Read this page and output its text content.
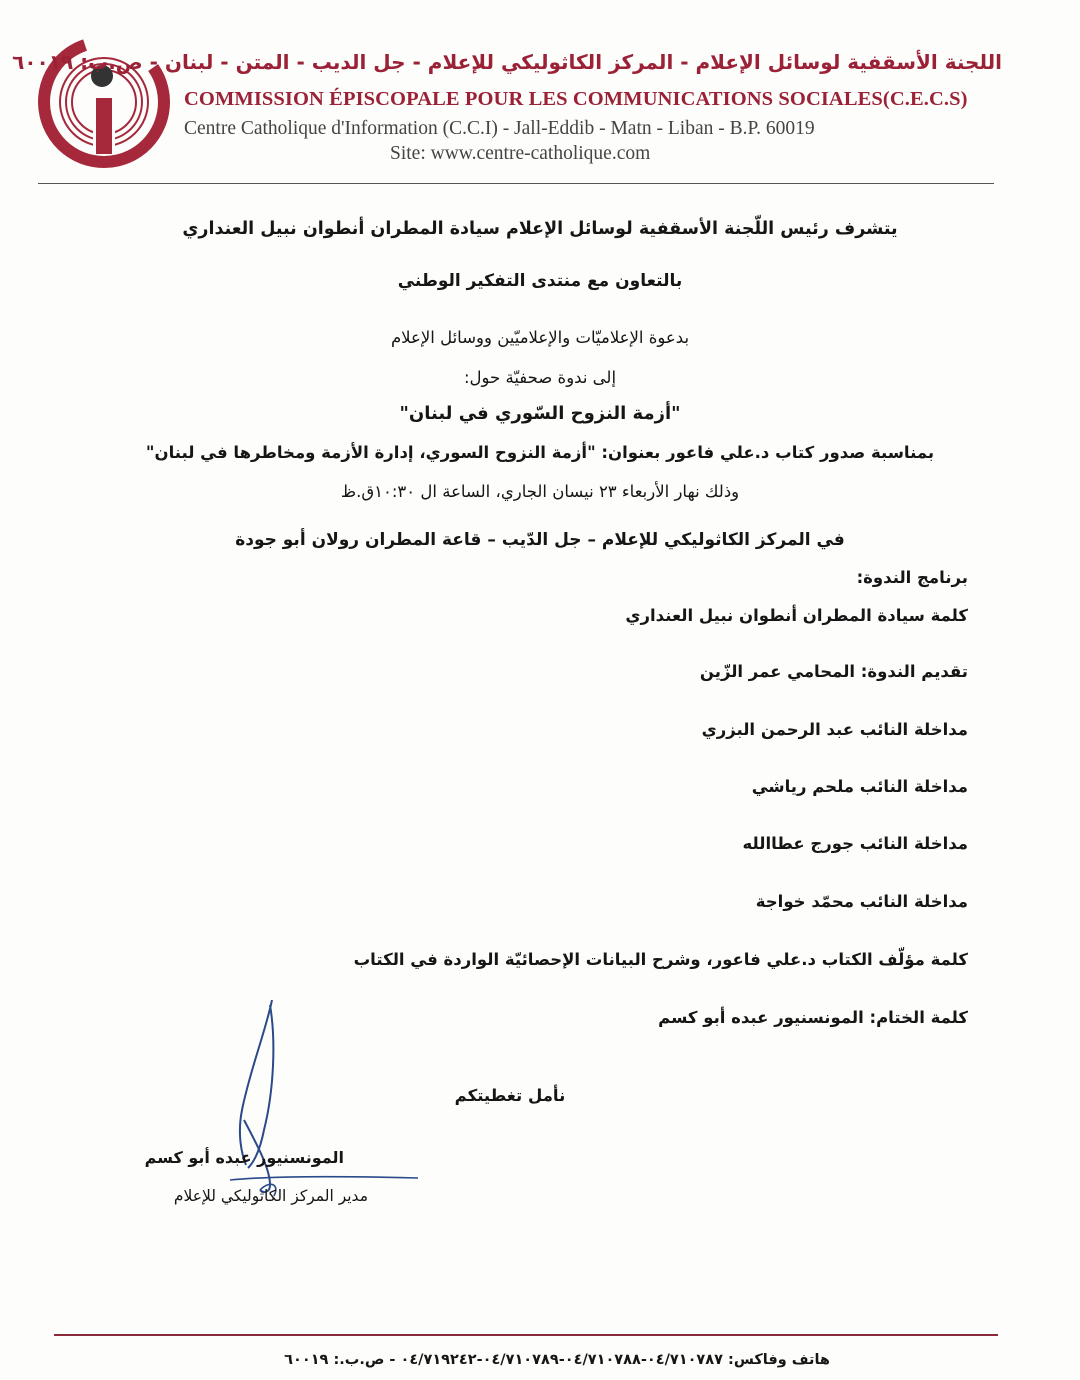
اللجنة الأسقفية لوسائل الإعلام - المركز الكاثوليكي للإعلام - جل الديب - المتن - لبنان - ص.ب: ٦٠٠١٩
COMMISSION ÉPISCOPALE POUR LES COMMUNICATIONS SOCIALES(C.E.C.S)
Centre Catholique d'Information (C.C.I) - Jall-Eddib - Matn - Liban - B.P. 60019
Site: www.centre-catholique.com
يتشرف رئيس اللّجنة الأسقفية لوسائل الإعلام سيادة المطران أنطوان نبيل العنداري
بالتعاون مع منتدى التفكير الوطني
بدعوة الإعلاميّات والإعلاميّين ووسائل الإعلام
إلى ندوة صحفيّة حول:
"أزمة النزوح السّوري في لبنان"
بمناسبة صدور كتاب د.علي فاعور بعنوان: "أزمة النزوح السوري، إدارة الأزمة ومخاطرها في لبنان"
وذلك نهار الأربعاء ٢٣ نيسان الجاري، الساعة ال ١٠:٣٠ق.ظ
في المركز الكاثوليكي للإعلام – جل الدّيب – قاعة المطران رولان أبو جودة
برنامج الندوة:
كلمة سيادة المطران أنطوان نبيل العنداري
تقديم الندوة: المحامي عمر الزّين
مداخلة النائب عبد الرحمن البزري
مداخلة النائب ملحم رياشي
مداخلة النائب جورج عطاالله
مداخلة النائب محمّد خواجة
كلمة مؤلّف الكتاب د.علي فاعور، وشرح البيانات الإحصائيّة الواردة في الكتاب
كلمة الختام: المونسنيور عبده أبو كسم
نأمل تغطيتكم
المونسنيور عبده أبو كسم
مدير المركز الكاثوليكي للإعلام
هاتف وفاكس: ٠٤/٧١٠٧٨٧-٠٤/٧١٠٧٨٨-٠٤/٧١٠٧٨٩-٠٤/٧١٩٢٤٢ - ص.ب.: ٦٠٠١٩
